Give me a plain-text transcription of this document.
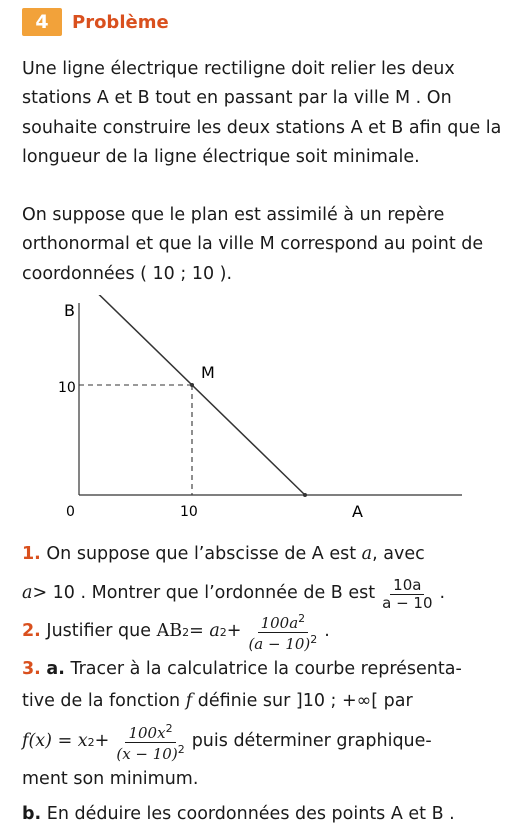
4	Problème

Une ligne électrique rectiligne doit relier les deux stations A et B tout en passant par la ville M . On souhaite construire les deux stations A et B afin que la longueur de la ligne électrique soit minimale.

On suppose que le plan est assimilé à un repère orthonormal et que la ville M correspond au point de coordonnées ( 10 ; 10 ).

B
M
A
10
0	10
1.
On suppose que l’abscisse de A est
a , avec
a > 10 . Montrer que l’ordonnée de B est $\frac{10a}{a - 10}$ .
2.
Justifier que
AB 2 = a $2 + \frac{100a^2}{(a - 10)^2}$ .
3.
a.
Tracer à la calculatrice la courbe représenta-
tive de la fonction
f
définie sur ]10 ; +∞[ par
f(x) = x $2 + \frac{100x^2}{(x - 10)^2}$ puis déterminer graphique-
ment son minimum.
b.
En déduire les coordonnées des points A et B .
